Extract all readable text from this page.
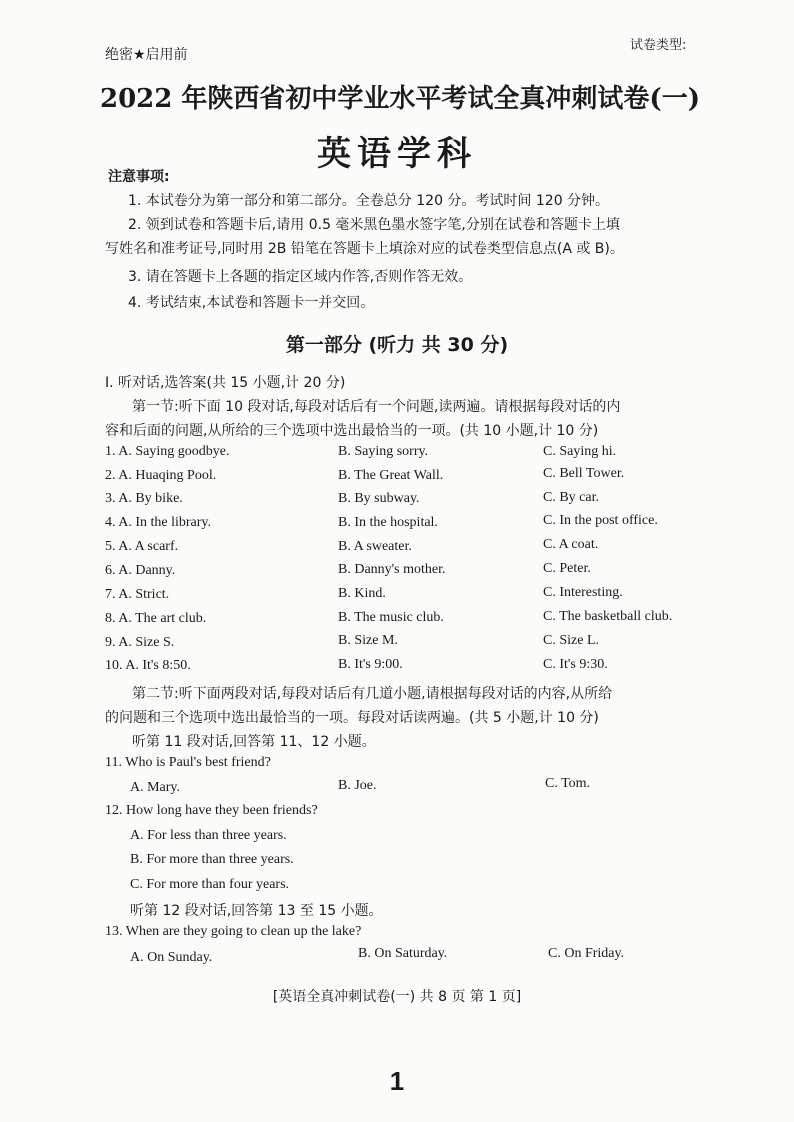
绝密★启用前
试卷类型:
2022 年陕西省初中学业水平考试全真冲刺试卷(一)
英语学科
注意事项:
1. 本试卷分为第一部分和第二部分。全卷总分 120 分。考试时间 120 分钟。
2. 领到试卷和答题卡后,请用 0.5 毫米黑色墨水签字笔,分别在试卷和答题卡上填
写姓名和准考证号,同时用 2B 铅笔在答题卡上填涂对应的试卷类型信息点(A 或 B)。
3. 请在答题卡上各题的指定区域内作答,否则作答无效。
4. 考试结束,本试卷和答题卡一并交回。
第一部分 (听力 共 30 分)
Ⅰ. 听对话,选答案(共 15 小题,计 20 分)
第一节:听下面 10 段对话,每段对话后有一个问题,读两遍。请根据每段对话的内
容和后面的问题,从所给的三个选项中选出最恰当的一项。(共 10 小题,计 10 分)
1. A. Saying goodbye.	B. Saying sorry.	C. Saying hi.
2. A. Huaqing Pool.	B. The Great Wall.	C. Bell Tower.
3. A. By bike.	B. By subway.	C. By car.
4. A. In the library.	B. In the hospital.	C. In the post office.
5. A. A scarf.	B. A sweater.	C. A coat.
6. A. Danny.	B. Danny's mother.	C. Peter.
7. A. Strict.	B. Kind.	C. Interesting.
8. A. The art club.	B. The music club.	C. The basketball club.
9. A. Size S.	B. Size M.	C. Size L.
10. A. It's 8:50.	B. It's 9:00.	C. It's 9:30.
第二节:听下面两段对话,每段对话后有几道小题,请根据每段对话的内容,从所给
的问题和三个选项中选出最恰当的一项。每段对话读两遍。(共 5 小题,计 10 分)
听第 11 段对话,回答第 11、12 小题。
11. Who is Paul's best friend?
A. Mary.	B. Joe.	C. Tom.
12. How long have they been friends?
A. For less than three years.
B. For more than three years.
C. For more than four years.
听第 12 段对话,回答第 13 至 15 小题。
13. When are they going to clean up the lake?
A. On Sunday.	B. On Saturday.	C. On Friday.
[英语全真冲刺试卷(一) 共 8 页 第 1 页]
1
